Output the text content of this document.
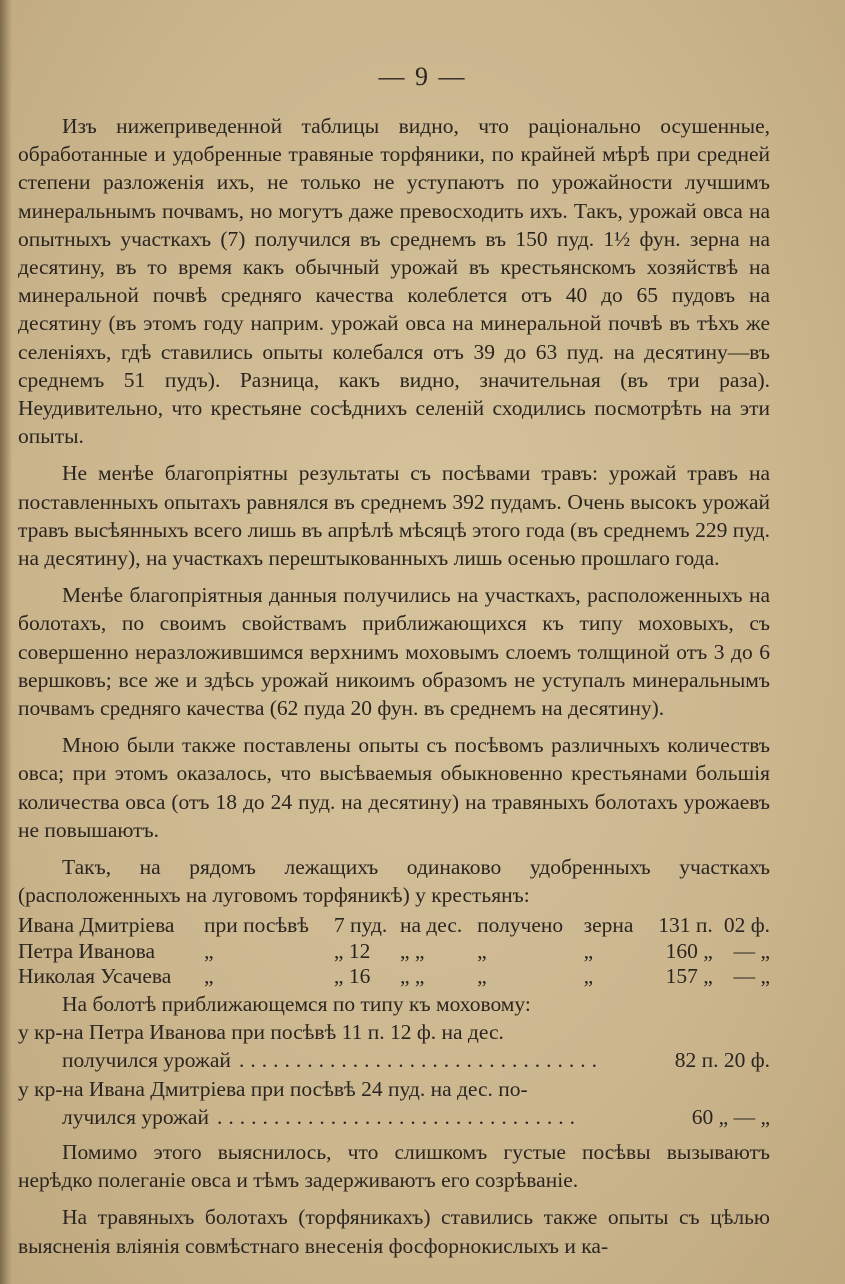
— 9 —

Изъ нижеприведенной таблицы видно, что раціонально осушенные, обработанные и удобренные травяные торфяники, по крайней мѣрѣ при средней степени разложенія ихъ, не только не уступаютъ по урожайности лучшимъ минеральнымъ почвамъ, но могутъ даже превосходить ихъ. Такъ, урожай овса на опытныхъ участкахъ (7) получился въ среднемъ въ 150 пуд. 1½ фун. зерна на десятину, въ то время какъ обычный урожай въ крестьянскомъ хозяйствѣ на минеральной почвѣ средняго качества колеблется отъ 40 до 65 пудовъ на десятину (въ этомъ году наприм. урожай овса на минеральной почвѣ въ тѣхъ же селеніяхъ, гдѣ ставились опыты колебался отъ 39 до 63 пуд. на десятину—въ среднемъ 51 пудъ). Разница, какъ видно, значительная (въ три раза). Неудивительно, что крестьяне сосѣднихъ селеній сходились посмотрѣть на эти опыты.

Не менѣе благопріятны результаты съ посѣвами травъ: урожай травъ на поставленныхъ опытахъ равнялся въ среднемъ 392 пудамъ. Очень высокъ урожай травъ высѣянныхъ всего лишь въ апрѣлѣ мѣсяцѣ этого года (въ среднемъ 229 пуд. на десятину), на участкахъ перештыкованныхъ лишь осенью прошлаго года.

Менѣе благопріятныя данныя получились на участкахъ, расположенныхъ на болотахъ, по своимъ свойствамъ приближающихся къ типу моховыхъ, съ совершенно неразложившимся верхнимъ моховымъ слоемъ толщиной отъ 3 до 6 вершковъ; все же и здѣсь урожай никоимъ образомъ не уступалъ минеральнымъ почвамъ средняго качества (62 пуда 20 фун. въ среднемъ на десятину).

Мною были также поставлены опыты съ посѣвомъ различныхъ количествъ овса; при этомъ оказалось, что высѣваемыя обыкновенно крестьянами большія количества овса (отъ 18 до 24 пуд. на десятину) на травяныхъ болотахъ урожаевъ не повышаютъ.

Такъ, на рядомъ лежащихъ одинаково удобренныхъ участкахъ (расположенныхъ на луговомъ торфяникѣ) у крестьянъ:

Ивана Дмитріева	при посѣвѣ	7 пуд.	на дес.	получено	зерна	131 п.	02 ф.
Петра Иванова	„	„ 12	„ „	„	„	160 „	— „
Николая Усачева	„	„ 16	„ „	„	„	157 „	— „
На болотѣ приближающемся по типу къ моховому:
у кр-на Петра Иванова при посѣвѣ 11 п. 12 ф. на дес.
получился урожай ................................	82 п. 20 ф.
у кр-на Ивана Дмитріева при посѣвѣ 24 пуд. на дес. по-
лучился урожай ................................	60 „ — „

Помимо этого выяснилось, что слишкомъ густые посѣвы вызываютъ нерѣдко полеганіе овса и тѣмъ задерживаютъ его созрѣваніе.

На травяныхъ болотахъ (торфяникахъ) ставились также опыты съ цѣлью выясненія вліянія совмѣстнаго внесенія фосфорнокислыхъ и ка-
